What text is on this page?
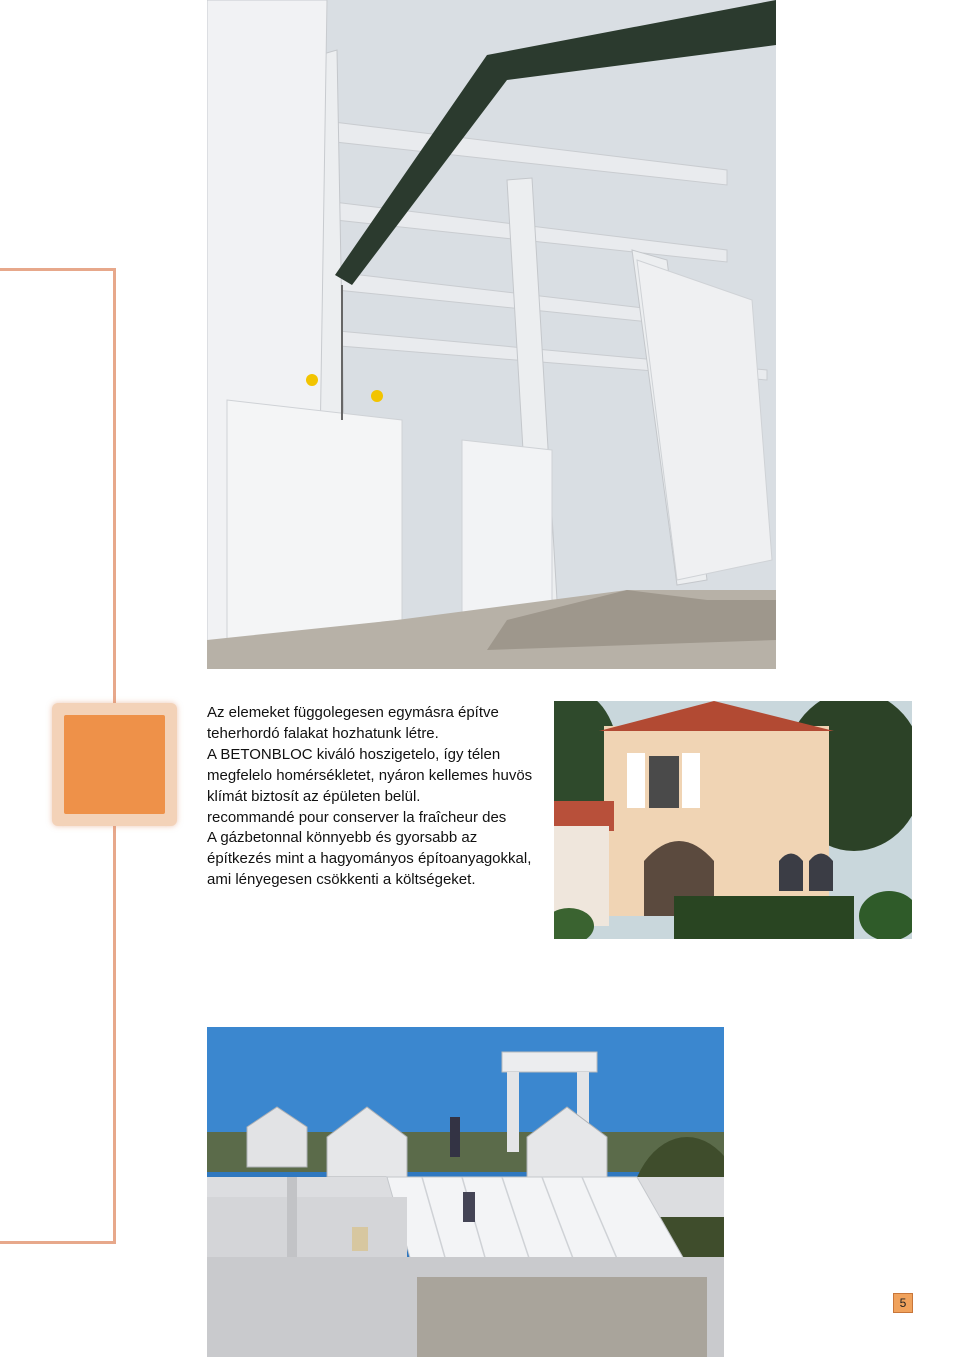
Az elemeket függolegesen egymásra építve

teherhordó falakat hozhatunk létre.

A BETONBLOC kiváló hoszigetelo, így télen

megfelelo homérsékletet, nyáron kellemes huvös

klímát biztosít az épületen belül.

recommandé pour conserver la fraîcheur des

A gázbetonnal könnyebb és gyorsabb az

építkezés mint a hagyományos építoanyagokkal,

ami lényegesen csökkenti a költségeket.

5
